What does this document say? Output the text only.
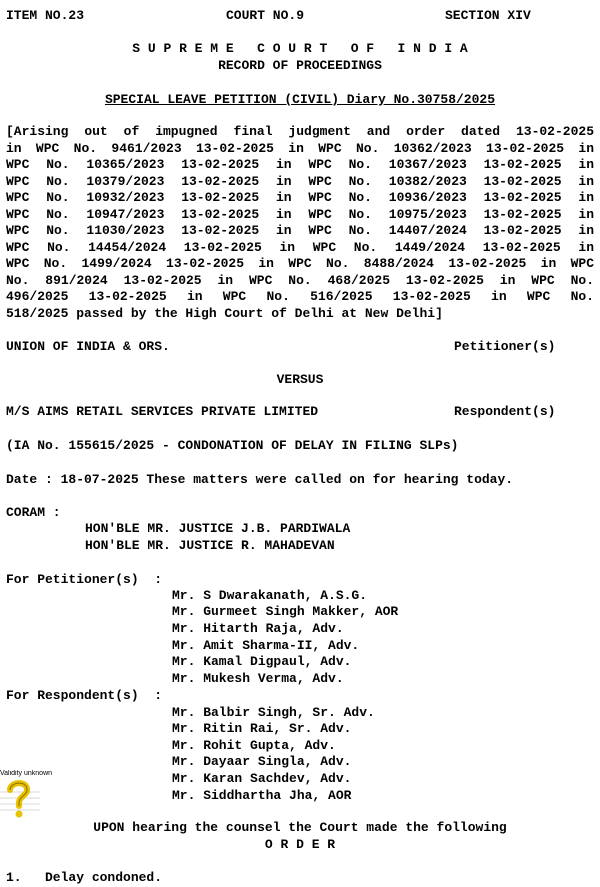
ITEM NO.23	COURT NO.9	SECTION XIV
S U P R E M E   C O U R T   O F   I N D I A
RECORD OF PROCEEDINGS
SPECIAL LEAVE PETITION (CIVIL) Diary No.30758/2025

[Arising out of impugned final judgment and order dated 13-02-2025

in WPC No. 9461/2023 13-02-2025 in WPC No. 10362/2023 13-02-2025 in

WPC No. 10365/2023 13-02-2025 in WPC No. 10367/2023 13-02-2025 in

WPC No. 10379/2023 13-02-2025 in WPC No. 10382/2023 13-02-2025 in

WPC No. 10932/2023 13-02-2025 in WPC No. 10936/2023 13-02-2025 in

WPC No. 10947/2023 13-02-2025 in WPC No. 10975/2023 13-02-2025 in

WPC No. 11030/2023 13-02-2025 in WPC No. 14407/2024 13-02-2025 in

WPC No. 14454/2024 13-02-2025 in WPC No. 1449/2024 13-02-2025 in

WPC No. 1499/2024 13-02-2025 in WPC No. 8488/2024 13-02-2025 in WPC

No. 891/2024 13-02-2025 in WPC No. 468/2025 13-02-2025 in WPC No.

496/2025 13-02-2025 in WPC No. 516/2025 13-02-2025 in WPC No.

518/2025 passed by the High Court of Delhi at New Delhi]

UNION OF INDIA & ORS.	Petitioner(s)
VERSUS
M/S AIMS RETAIL SERVICES PRIVATE LIMITED	Respondent(s)
(IA No. 155615/2025 - CONDONATION OF DELAY IN FILING SLPs)
Date : 18-07-2025 These matters were called on for hearing today.
CORAM :
HON'BLE MR. JUSTICE J.B. PARDIWALA
HON'BLE MR. JUSTICE R. MAHADEVAN
For Petitioner(s)  :
Mr. S Dwarakanath, A.S.G.
Mr. Gurmeet Singh Makker, AOR
Mr. Hitarth Raja, Adv.
Mr. Amit Sharma-II, Adv.
Mr. Kamal Digpaul, Adv.
Mr. Mukesh Verma, Adv.
For Respondent(s)  :
Mr. Balbir Singh, Sr. Adv.
Mr. Ritin Rai, Sr. Adv.
Mr. Rohit Gupta, Adv.
Mr. Dayaar Singla, Adv.
Mr. Karan Sachdev, Adv.
Mr. Siddhartha Jha, AOR
Validity unknown
UPON hearing the counsel the Court made the following
O R D E R
1.   Delay condoned.
